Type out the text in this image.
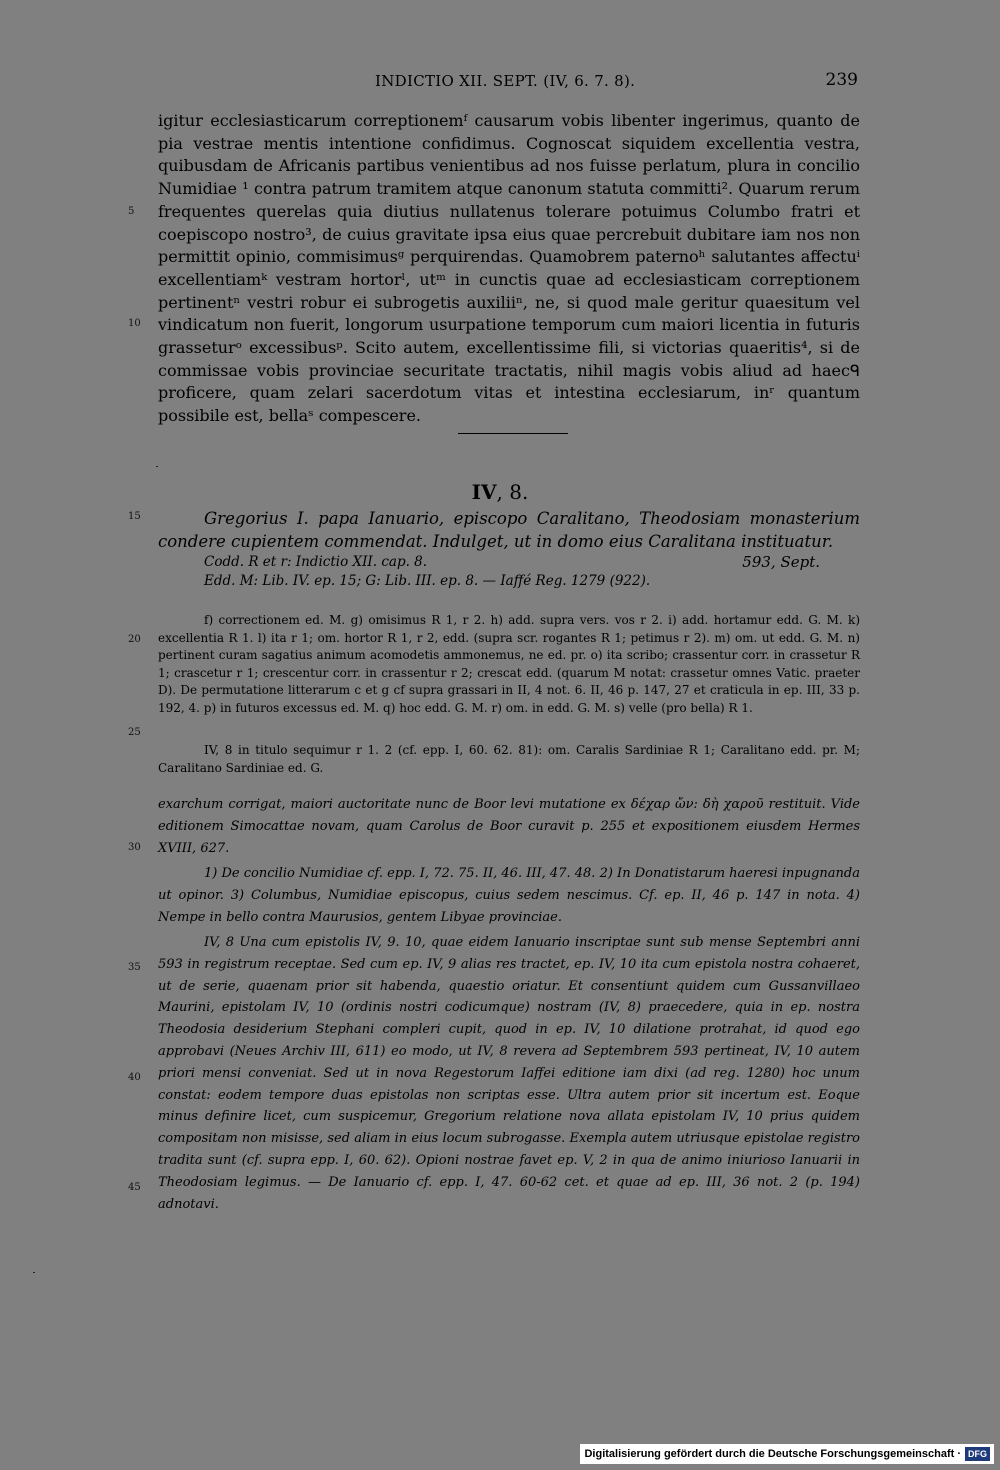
INDICTIO XII. SEPT. (IV, 6. 7. 8).	239

igitur ecclesiasticarum correptionemᶠ causarum vobis libenter ingerimus, quanto de pia vestrae mentis intentione confidimus. Cognoscat siquidem excellentia vestra, quibusdam de Africanis partibus venientibus ad nos fuisse perlatum, plura in concilio Numidiae ¹ contra patrum tramitem atque canonum statuta committi². Quarum rerum frequentes querelas quia diutius nullatenus tolerare potuimus Columbo fratri et coepiscopo nostro³, de cuius gravitate ipsa eius quae percrebuit dubitare iam nos non permittit opinio, commisimusᵍ perquirendas. Quamobrem paternoʰ salutantes affectuⁱ excellentiamᵏ vestram hortorˡ, utᵐ in cunctis quae ad ecclesiasticam correptionem pertinentⁿ vestri robur ei subrogetis auxiliiⁿ, ne, si quod male geritur quaesitum vel vindicatum non fuerit, longorum usurpatione temporum cum maiori licentia in futuris grasseturᵒ excessibusᵖ. Scito autem, excellentissime fili, si victorias quaeritis⁴, si de commissae vobis provinciae securitate tractatis, nihil magis vobis aliud ad haecᑫ proficere, quam zelari sacerdotum vitas et intestina ecclesiarum, inʳ quantum possibile est, bellaˢ compescere.

5
10
15
20
25
30
35
40
45
IV, 8.

Gregorius I. papa Ianuario, episcopo Caralitano, Theodosiam monasterium condere cupientem commendat. Indulget, ut in domo eius Caralitana instituatur.

Codd. R et r: Indictio XII. cap. 8.	593, Sept.
Edd. M: Lib. IV. ep. 15; G: Lib. III. ep. 8. — Iaffé Reg. 1279 (922).

f) correctionem ed. M. g) omisimus R 1, r 2. h) add. supra vers. vos r 2. i) add. hortamur edd. G. M. k) excellentia R 1. l) ita r 1; om. hortor R 1, r 2, edd. (supra scr. rogantes R 1; petimus r 2). m) om. ut edd. G. M. n) pertinent curam sagatius animum acomodetis ammonemus, ne ed. pr. o) ita scribo; crassentur corr. in crassetur R 1; crascetur r 1; crescentur corr. in crassentur r 2; crescat edd. (quarum M notat: crassetur omnes Vatic. praeter D). De permutatione litterarum c et g cf supra grassari in II, 4 not. 6. II, 46 p. 147, 27 et craticula in ep. III, 33 p. 192, 4. p) in futuros excessus ed. M. q) hoc edd. G. M. r) om. in edd. G. M. s) velle (pro bella) R 1.

IV, 8 in titulo sequimur r 1. 2 (cf. epp. I, 60. 62. 81): om. Caralis Sardiniae R 1; Caralitano edd. pr. M; Caralitano Sardiniae ed. G.

exarchum corrigat, maiori auctoritate nunc de Boor levi mutatione ex δέχαρ ὤν: δὴ χαροῦ restituit. Vide editionem Simocattae novam, quam Carolus de Boor curavit p. 255 et expositionem eiusdem Hermes XVIII, 627.

1) De concilio Numidiae cf. epp. I, 72. 75. II, 46. III, 47. 48. 2) In Donatistarum haeresi inpugnanda ut opinor. 3) Columbus, Numidiae episcopus, cuius sedem nescimus. Cf. ep. II, 46 p. 147 in nota. 4) Nempe in bello contra Maurusios, gentem Libyae provinciae.

IV, 8 Una cum epistolis IV, 9. 10, quae eidem Ianuario inscriptae sunt sub mense Septembri anni 593 in registrum receptae. Sed cum ep. IV, 9 alias res tractet, ep. IV, 10 ita cum epistola nostra cohaeret, ut de serie, quaenam prior sit habenda, quaestio oriatur. Et consentiunt quidem cum Gussanvillaeo Maurini, epistolam IV, 10 (ordinis nostri codicumque) nostram (IV, 8) praecedere, quia in ep. nostra Theodosia desiderium Stephani compleri cupit, quod in ep. IV, 10 dilatione protrahat, id quod ego approbavi (Neues Archiv III, 611) eo modo, ut IV, 8 revera ad Septembrem 593 pertineat, IV, 10 autem priori mensi conveniat. Sed ut in nova Regestorum Iaffei editione iam dixi (ad reg. 1280) hoc unum constat: eodem tempore duas epistolas non scriptas esse. Ultra autem prior sit incertum est. Eoque minus definire licet, cum suspicemur, Gregorium relatione nova allata epistolam IV, 10 prius quidem compositam non misisse, sed aliam in eius locum subrogasse. Exempla autem utriusque epistolae registro tradita sunt (cf. supra epp. I, 60. 62). Opioni nostrae favet ep. V, 2 in qua de animo iniurioso Ianuarii in Theodosiam legimus. — De Ianuario cf. epp. I, 47. 60-62 cet. et quae ad ep. III, 36 not. 2 (p. 194) adnotavi.

Digitalisierung gefördert durch die Deutsche Forschungsgemeinschaft · DFG
